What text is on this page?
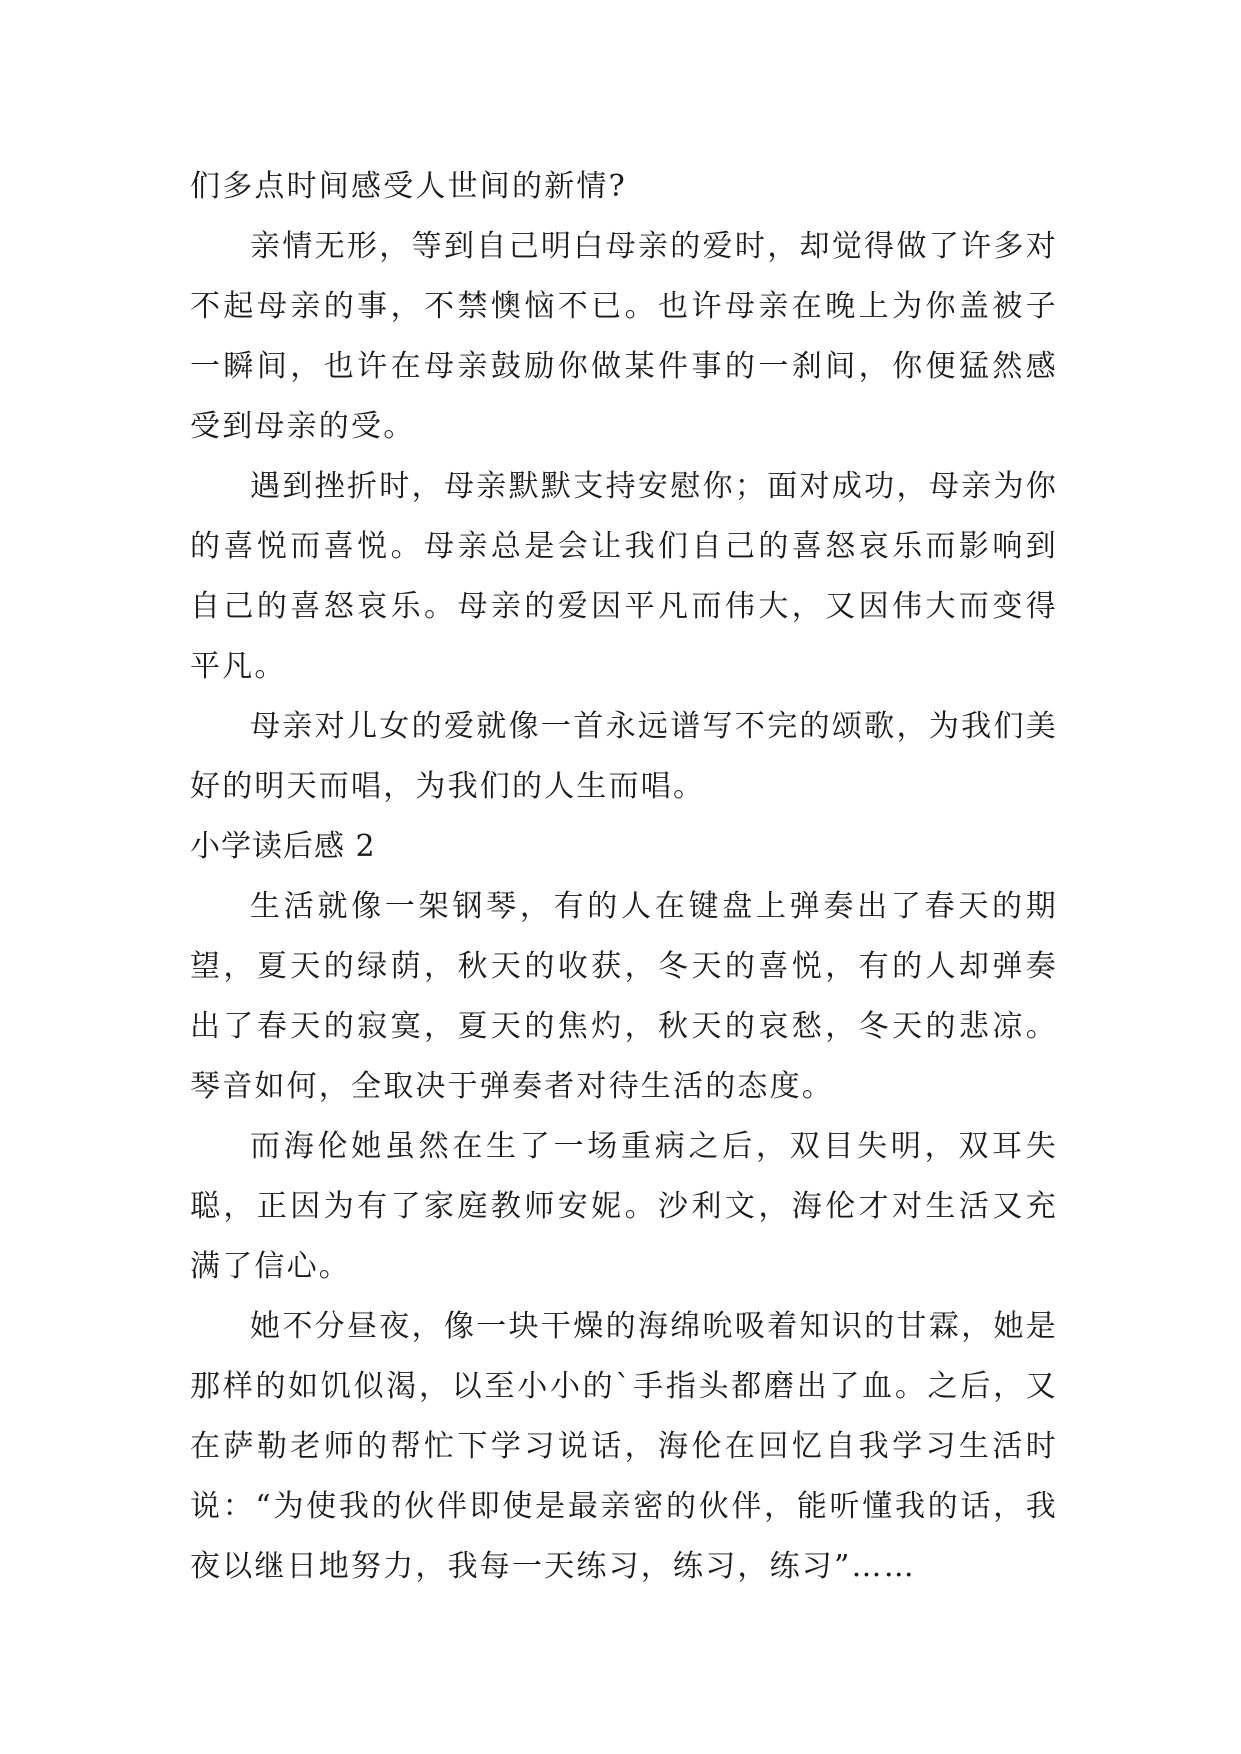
们多点时间感受人世间的新情?

亲情无形，等到自己明白母亲的爱时，却觉得做了许多对不起母亲的事，不禁懊恼不已。也许母亲在晚上为你盖被子一瞬间，也许在母亲鼓励你做某件事的一刹间，你便猛然感受到母亲的受。

遇到挫折时，母亲默默支持安慰你；面对成功，母亲为你的喜悦而喜悦。母亲总是会让我们自己的喜怒哀乐而影响到自己的喜怒哀乐。母亲的爱因平凡而伟大，又因伟大而变得平凡。

母亲对儿女的爱就像一首永远谱写不完的颂歌，为我们美好的明天而唱，为我们的人生而唱。

小学读后感 2

生活就像一架钢琴，有的人在键盘上弹奏出了春天的期望，夏天的绿荫，秋天的收获，冬天的喜悦，有的人却弹奏出了春天的寂寞，夏天的焦灼，秋天的哀愁，冬天的悲凉。琴音如何，全取决于弹奏者对待生活的态度。

而海伦她虽然在生了一场重病之后，双目失明，双耳失聪，正因为有了家庭教师安妮。沙利文，海伦才对生活又充满了信心。

她不分昼夜，像一块干燥的海绵吮吸着知识的甘霖，她是那样的如饥似渴，以至小小的`手指头都磨出了血。之后，又在萨勒老师的帮忙下学习说话，海伦在回忆自我学习生活时说：“为使我的伙伴即使是最亲密的伙伴，能听懂我的话，我夜以继日地努力，我每一天练习，练习，练习”……
